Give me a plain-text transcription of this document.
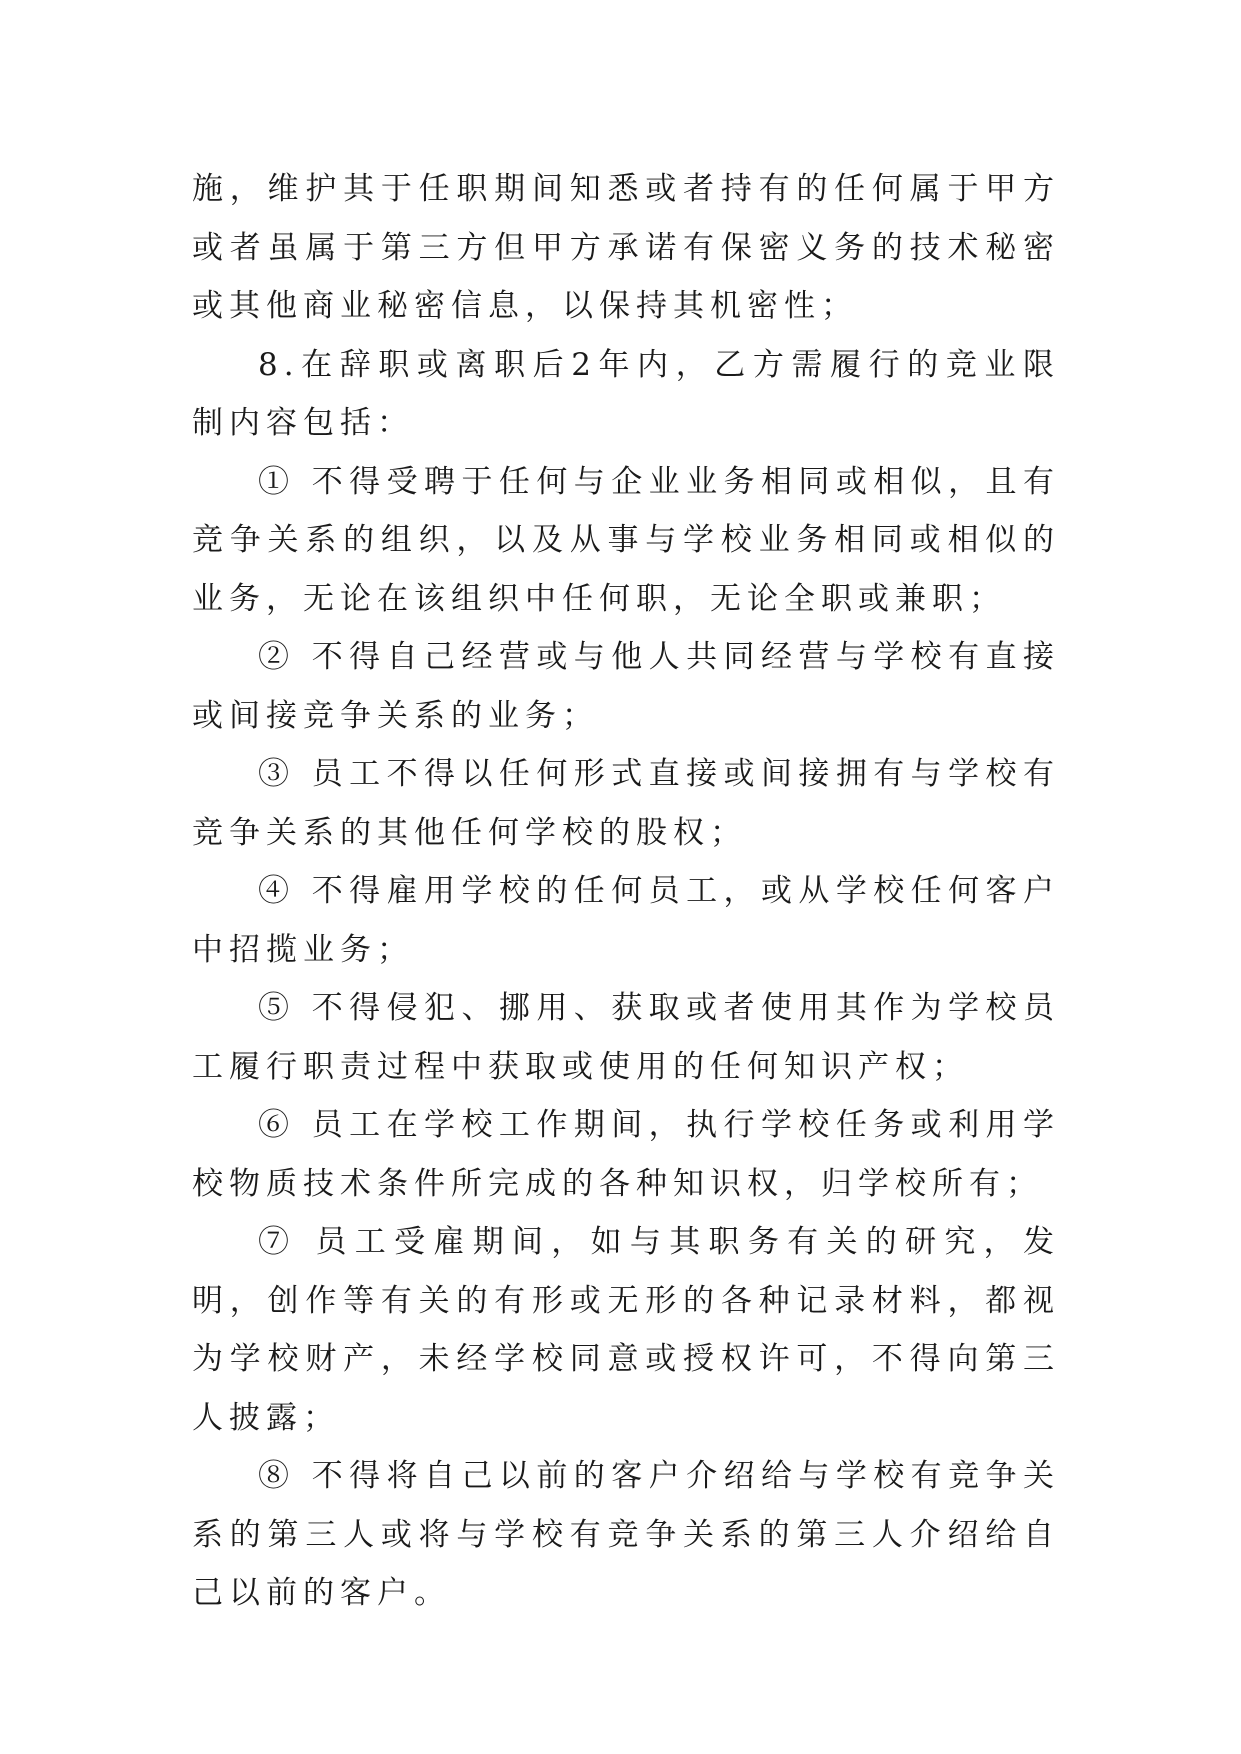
施，维护其于任职期间知悉或者持有的任何属于甲方或者虽属于第三方但甲方承诺有保密义务的技术秘密或其他商业秘密信息，以保持其机密性；

8.在辞职或离职后2年内，乙方需履行的竞业限制内容包括：

① 不得受聘于任何与企业业务相同或相似，且有竞争关系的组织，以及从事与学校业务相同或相似的业务，无论在该组织中任何职，无论全职或兼职；

② 不得自己经营或与他人共同经营与学校有直接或间接竞争关系的业务；

③ 员工不得以任何形式直接或间接拥有与学校有竞争关系的其他任何学校的股权；

④ 不得雇用学校的任何员工，或从学校任何客户中招揽业务；

⑤ 不得侵犯、挪用、获取或者使用其作为学校员工履行职责过程中获取或使用的任何知识产权；

⑥ 员工在学校工作期间，执行学校任务或利用学校物质技术条件所完成的各种知识权，归学校所有；

⑦ 员工受雇期间，如与其职务有关的研究，发明，创作等有关的有形或无形的各种记录材料，都视为学校财产，未经学校同意或授权许可，不得向第三人披露；

⑧ 不得将自己以前的客户介绍给与学校有竞争关系的第三人或将与学校有竞争关系的第三人介绍给自己以前的客户。
